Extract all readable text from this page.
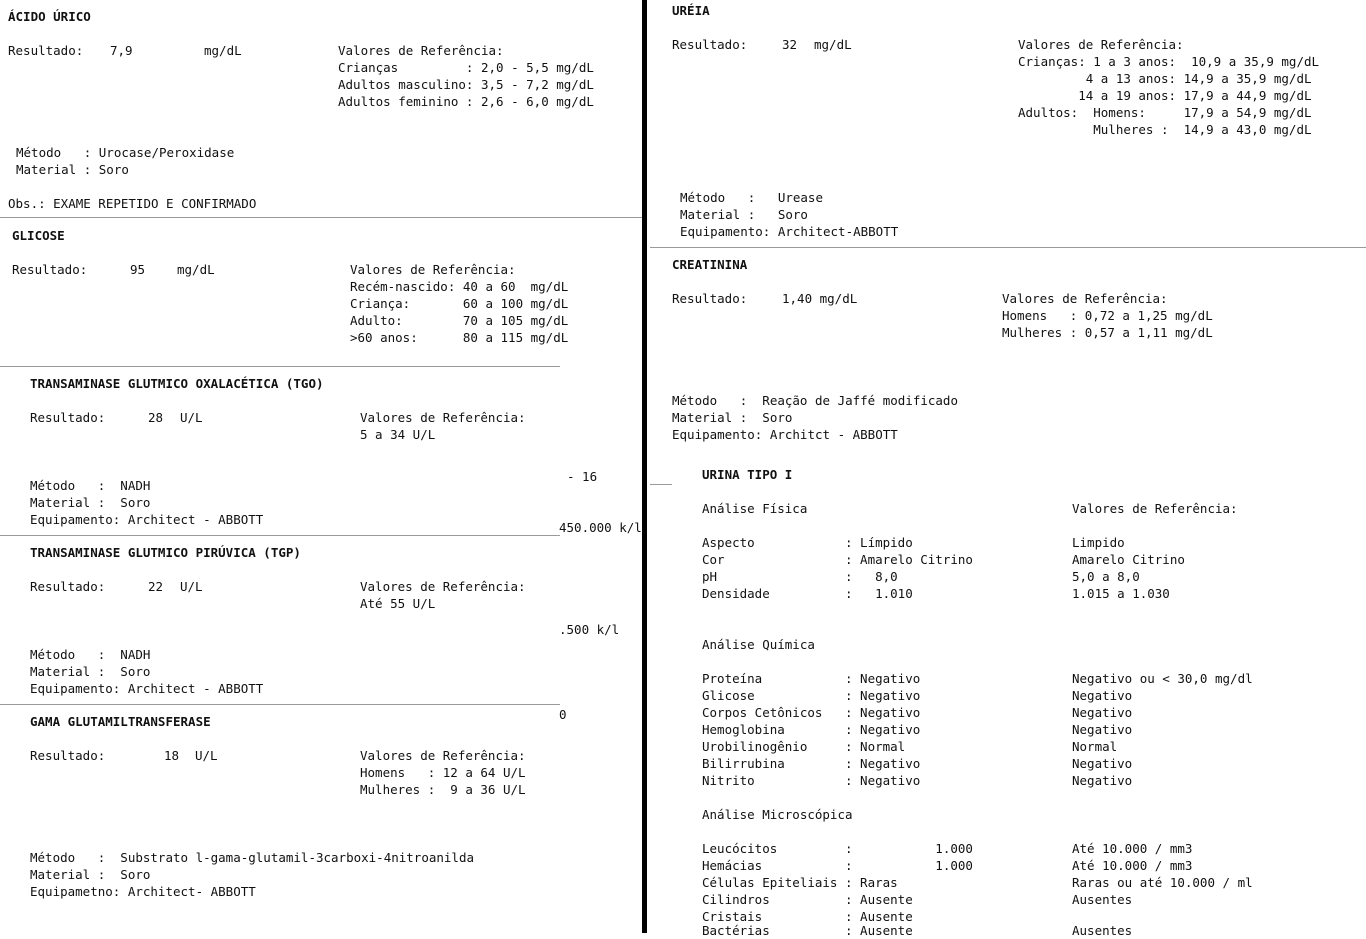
ÁCIDO ÚRICO
Resultado: 7,9	mg/dL	Valores de Referência:
Crianças         : 2,0 - 5,5 mg/dL
Adultos masculino: 3,5 - 7,2 mg/dL
Adultos feminino : 2,6 - 6,0 mg/dL
Método   : Urocase/Peroxidase
Material : Soro
Obs.: EXAME REPETIDO E CONFIRMADO
GLICOSE
Resultado:	95	mg/dL	Valores de Referência:
Recém-nascido: 40 a 60  mg/dL
Criança:       60 a 100 mg/dL
Adulto:        70 a 105 mg/dL
>60 anos:      80 a 115 mg/dL
TRANSAMINASE GLUTMICO OXALACÉTICA (TGO)
Resultado:	28 U/L	Valores de Referência:
5 a 34 U/L
Método   :  NADH
Material :  Soro
Equipamento: Architect - ABBOTT
TRANSAMINASE GLUTMICO PIRÚVICA (TGP)
Resultado:	22 U/L	Valores de Referência:
Até 55 U/L
Método   :  NADH
Material :  Soro
Equipamento: Architect - ABBOTT
GAMA GLUTAMILTRANSFERASE
Resultado:	18 U/L	Valores de Referência:
Homens   : 12 a 64 U/L
Mulheres :  9 a 36 U/L
Método   :  Substrato l-gama-glutamil-3carboxi-4nitroanilda
Material :  Soro
Equipametno: Architect- ABBOTT
- 16
450.000 k/l
.500 k/l
0
URÉIA
Resultado:	32 mg/dL	Valores de Referência:
Crianças: 1 a 3 anos:  10,9 a 35,9 mg/dL
4 a 13 anos: 14,9 a 35,9 mg/dL
14 a 19 anos: 17,9 a 44,9 mg/dL
Adultos:  Homens:     17,9 a 54,9 mg/dL
Mulheres :  14,9 a 43,0 mg/dL
Método   :   Urease
Material :   Soro
Equipamento: Architect-ABBOTT
CREATININA
Resultado:	1,40 mg/dL	Valores de Referência:
Homens   : 0,72 a 1,25 mg/dL
Mulheres : 0,57 a 1,11 mg/dL
Método   :  Reação de Jaffé modificado
Material :  Soro
Equipamento: Architct - ABBOTT
URINA TIPO I
Análise Física	Valores de Referência:
Aspecto	: Límpido	Limpido
Cor	: Amarelo Citrino	Amarelo Citrino
pH	:   8,0	5,0 a 8,0
Densidade	:   1.010	1.015 a 1.030
Análise Química
Proteína	: Negativo	Negativo ou < 30,0 mg/dl
Glicose	: Negativo	Negativo
Corpos Cetônicos : Negativo	Negativo
Hemoglobina	: Negativo	Negativo
Urobilinogênio	: Normal	Normal
Bilirrubina	: Negativo	Negativo
Nitrito	: Negativo	Negativo
Análise Microscópica
Leucócitos	:           1.000	Até 10.000 / mm3
Hemácias	:           1.000	Até 10.000 / mm3
Células Epiteliais : Raras	Raras ou até 10.000 / ml
Cilindros	: Ausente	Ausentes
Cristais	: Ausente
Bactérias	: Ausente	Ausentes
